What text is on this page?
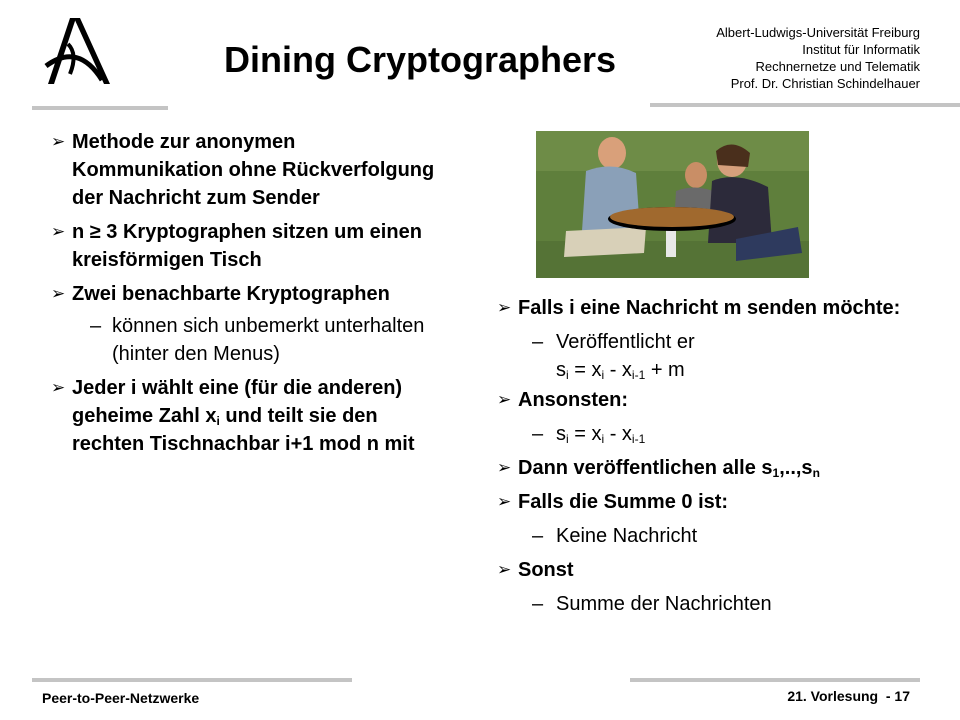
Dining Cryptographers
Albert-Ludwigs-Universität Freiburg
Institut für Informatik
Rechnernetze und Telematik
Prof. Dr. Christian Schindelhauer
➢ Methode zur anonymen Kommunikation ohne Rückverfolgung der Nachricht zum Sender
➢ n ≥ 3 Kryptographen sitzen um einen kreisförmigen Tisch
➢ Zwei benachbarte Kryptographen
– können sich unbemerkt unterhalten (hinter den Menus)
➢ Jeder i wählt eine (für die anderen) geheime Zahl $x_i$ und teilt sie den rechten Tischnachbar i+1 mod n mit
➢ Falls i eine Nachricht m senden möchte:
– Veröffentlicht er
$s_i = x_i - x_{i-1} + m$
➢ Ansonsten:
– $s_i = x_i - x_{i-1}$
➢ Dann veröffentlichen alle $s_1,..,s_n$
➢ Falls die Summe 0 ist:
– Keine Nachricht
➢ Sonst
– Summe der Nachrichten
Peer-to-Peer-Netzwerke	21. Vorlesung  - 17
